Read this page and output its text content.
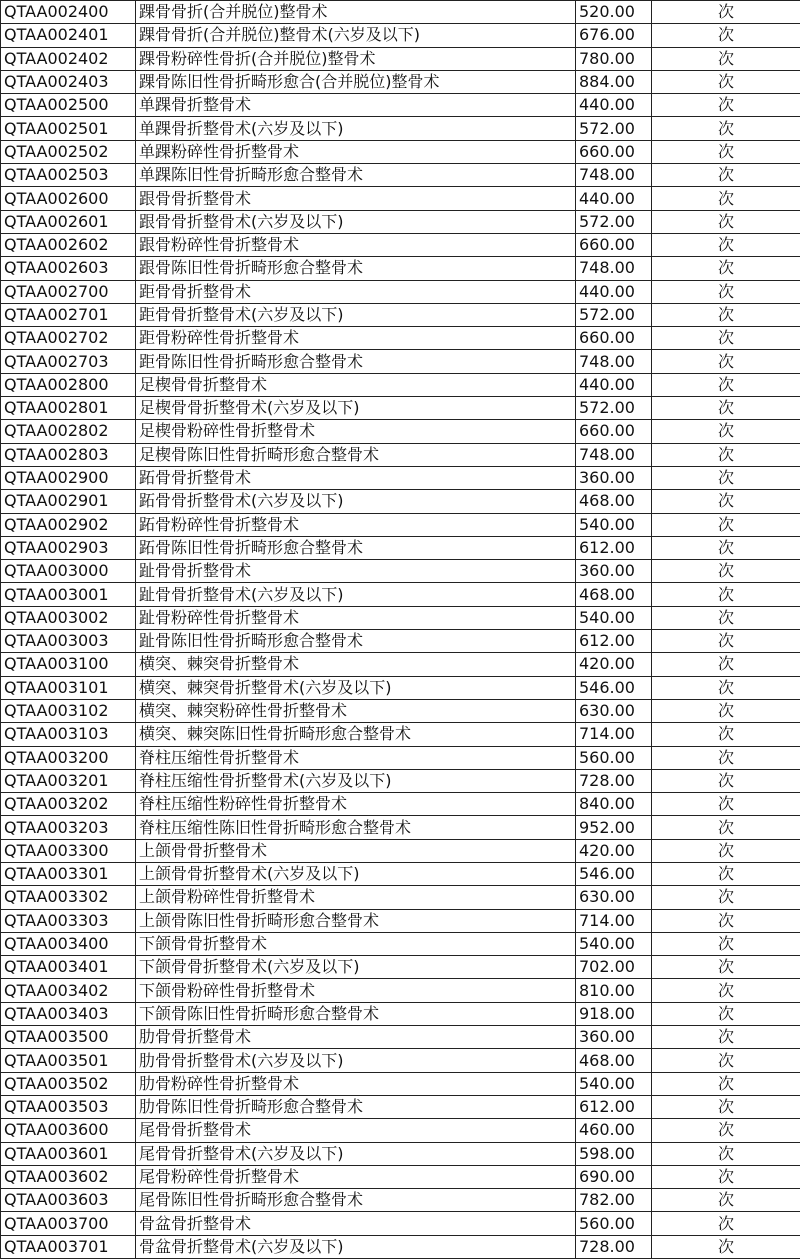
QTAA002400	踝骨骨折(合并脱位)整骨术	520.00	次
QTAA002401	踝骨骨折(合并脱位)整骨术(六岁及以下)	676.00	次
QTAA002402	踝骨粉碎性骨折(合并脱位)整骨术	780.00	次
QTAA002403	踝骨陈旧性骨折畸形愈合(合并脱位)整骨术	884.00	次
QTAA002500	单踝骨折整骨术	440.00	次
QTAA002501	单踝骨折整骨术(六岁及以下)	572.00	次
QTAA002502	单踝粉碎性骨折整骨术	660.00	次
QTAA002503	单踝陈旧性骨折畸形愈合整骨术	748.00	次
QTAA002600	跟骨骨折整骨术	440.00	次
QTAA002601	跟骨骨折整骨术(六岁及以下)	572.00	次
QTAA002602	跟骨粉碎性骨折整骨术	660.00	次
QTAA002603	跟骨陈旧性骨折畸形愈合整骨术	748.00	次
QTAA002700	距骨骨折整骨术	440.00	次
QTAA002701	距骨骨折整骨术(六岁及以下)	572.00	次
QTAA002702	距骨粉碎性骨折整骨术	660.00	次
QTAA002703	距骨陈旧性骨折畸形愈合整骨术	748.00	次
QTAA002800	足楔骨骨折整骨术	440.00	次
QTAA002801	足楔骨骨折整骨术(六岁及以下)	572.00	次
QTAA002802	足楔骨粉碎性骨折整骨术	660.00	次
QTAA002803	足楔骨陈旧性骨折畸形愈合整骨术	748.00	次
QTAA002900	跖骨骨折整骨术	360.00	次
QTAA002901	跖骨骨折整骨术(六岁及以下)	468.00	次
QTAA002902	跖骨粉碎性骨折整骨术	540.00	次
QTAA002903	跖骨陈旧性骨折畸形愈合整骨术	612.00	次
QTAA003000	趾骨骨折整骨术	360.00	次
QTAA003001	趾骨骨折整骨术(六岁及以下)	468.00	次
QTAA003002	趾骨粉碎性骨折整骨术	540.00	次
QTAA003003	趾骨陈旧性骨折畸形愈合整骨术	612.00	次
QTAA003100	横突、棘突骨折整骨术	420.00	次
QTAA003101	横突、棘突骨折整骨术(六岁及以下)	546.00	次
QTAA003102	横突、棘突粉碎性骨折整骨术	630.00	次
QTAA003103	横突、棘突陈旧性骨折畸形愈合整骨术	714.00	次
QTAA003200	脊柱压缩性骨折整骨术	560.00	次
QTAA003201	脊柱压缩性骨折整骨术(六岁及以下)	728.00	次
QTAA003202	脊柱压缩性粉碎性骨折整骨术	840.00	次
QTAA003203	脊柱压缩性陈旧性骨折畸形愈合整骨术	952.00	次
QTAA003300	上颌骨骨折整骨术	420.00	次
QTAA003301	上颌骨骨折整骨术(六岁及以下)	546.00	次
QTAA003302	上颌骨粉碎性骨折整骨术	630.00	次
QTAA003303	上颌骨陈旧性骨折畸形愈合整骨术	714.00	次
QTAA003400	下颌骨骨折整骨术	540.00	次
QTAA003401	下颌骨骨折整骨术(六岁及以下)	702.00	次
QTAA003402	下颌骨粉碎性骨折整骨术	810.00	次
QTAA003403	下颌骨陈旧性骨折畸形愈合整骨术	918.00	次
QTAA003500	肋骨骨折整骨术	360.00	次
QTAA003501	肋骨骨折整骨术(六岁及以下)	468.00	次
QTAA003502	肋骨粉碎性骨折整骨术	540.00	次
QTAA003503	肋骨陈旧性骨折畸形愈合整骨术	612.00	次
QTAA003600	尾骨骨折整骨术	460.00	次
QTAA003601	尾骨骨折整骨术(六岁及以下)	598.00	次
QTAA003602	尾骨粉碎性骨折整骨术	690.00	次
QTAA003603	尾骨陈旧性骨折畸形愈合整骨术	782.00	次
QTAA003700	骨盆骨折整骨术	560.00	次
QTAA003701	骨盆骨折整骨术(六岁及以下)	728.00	次
